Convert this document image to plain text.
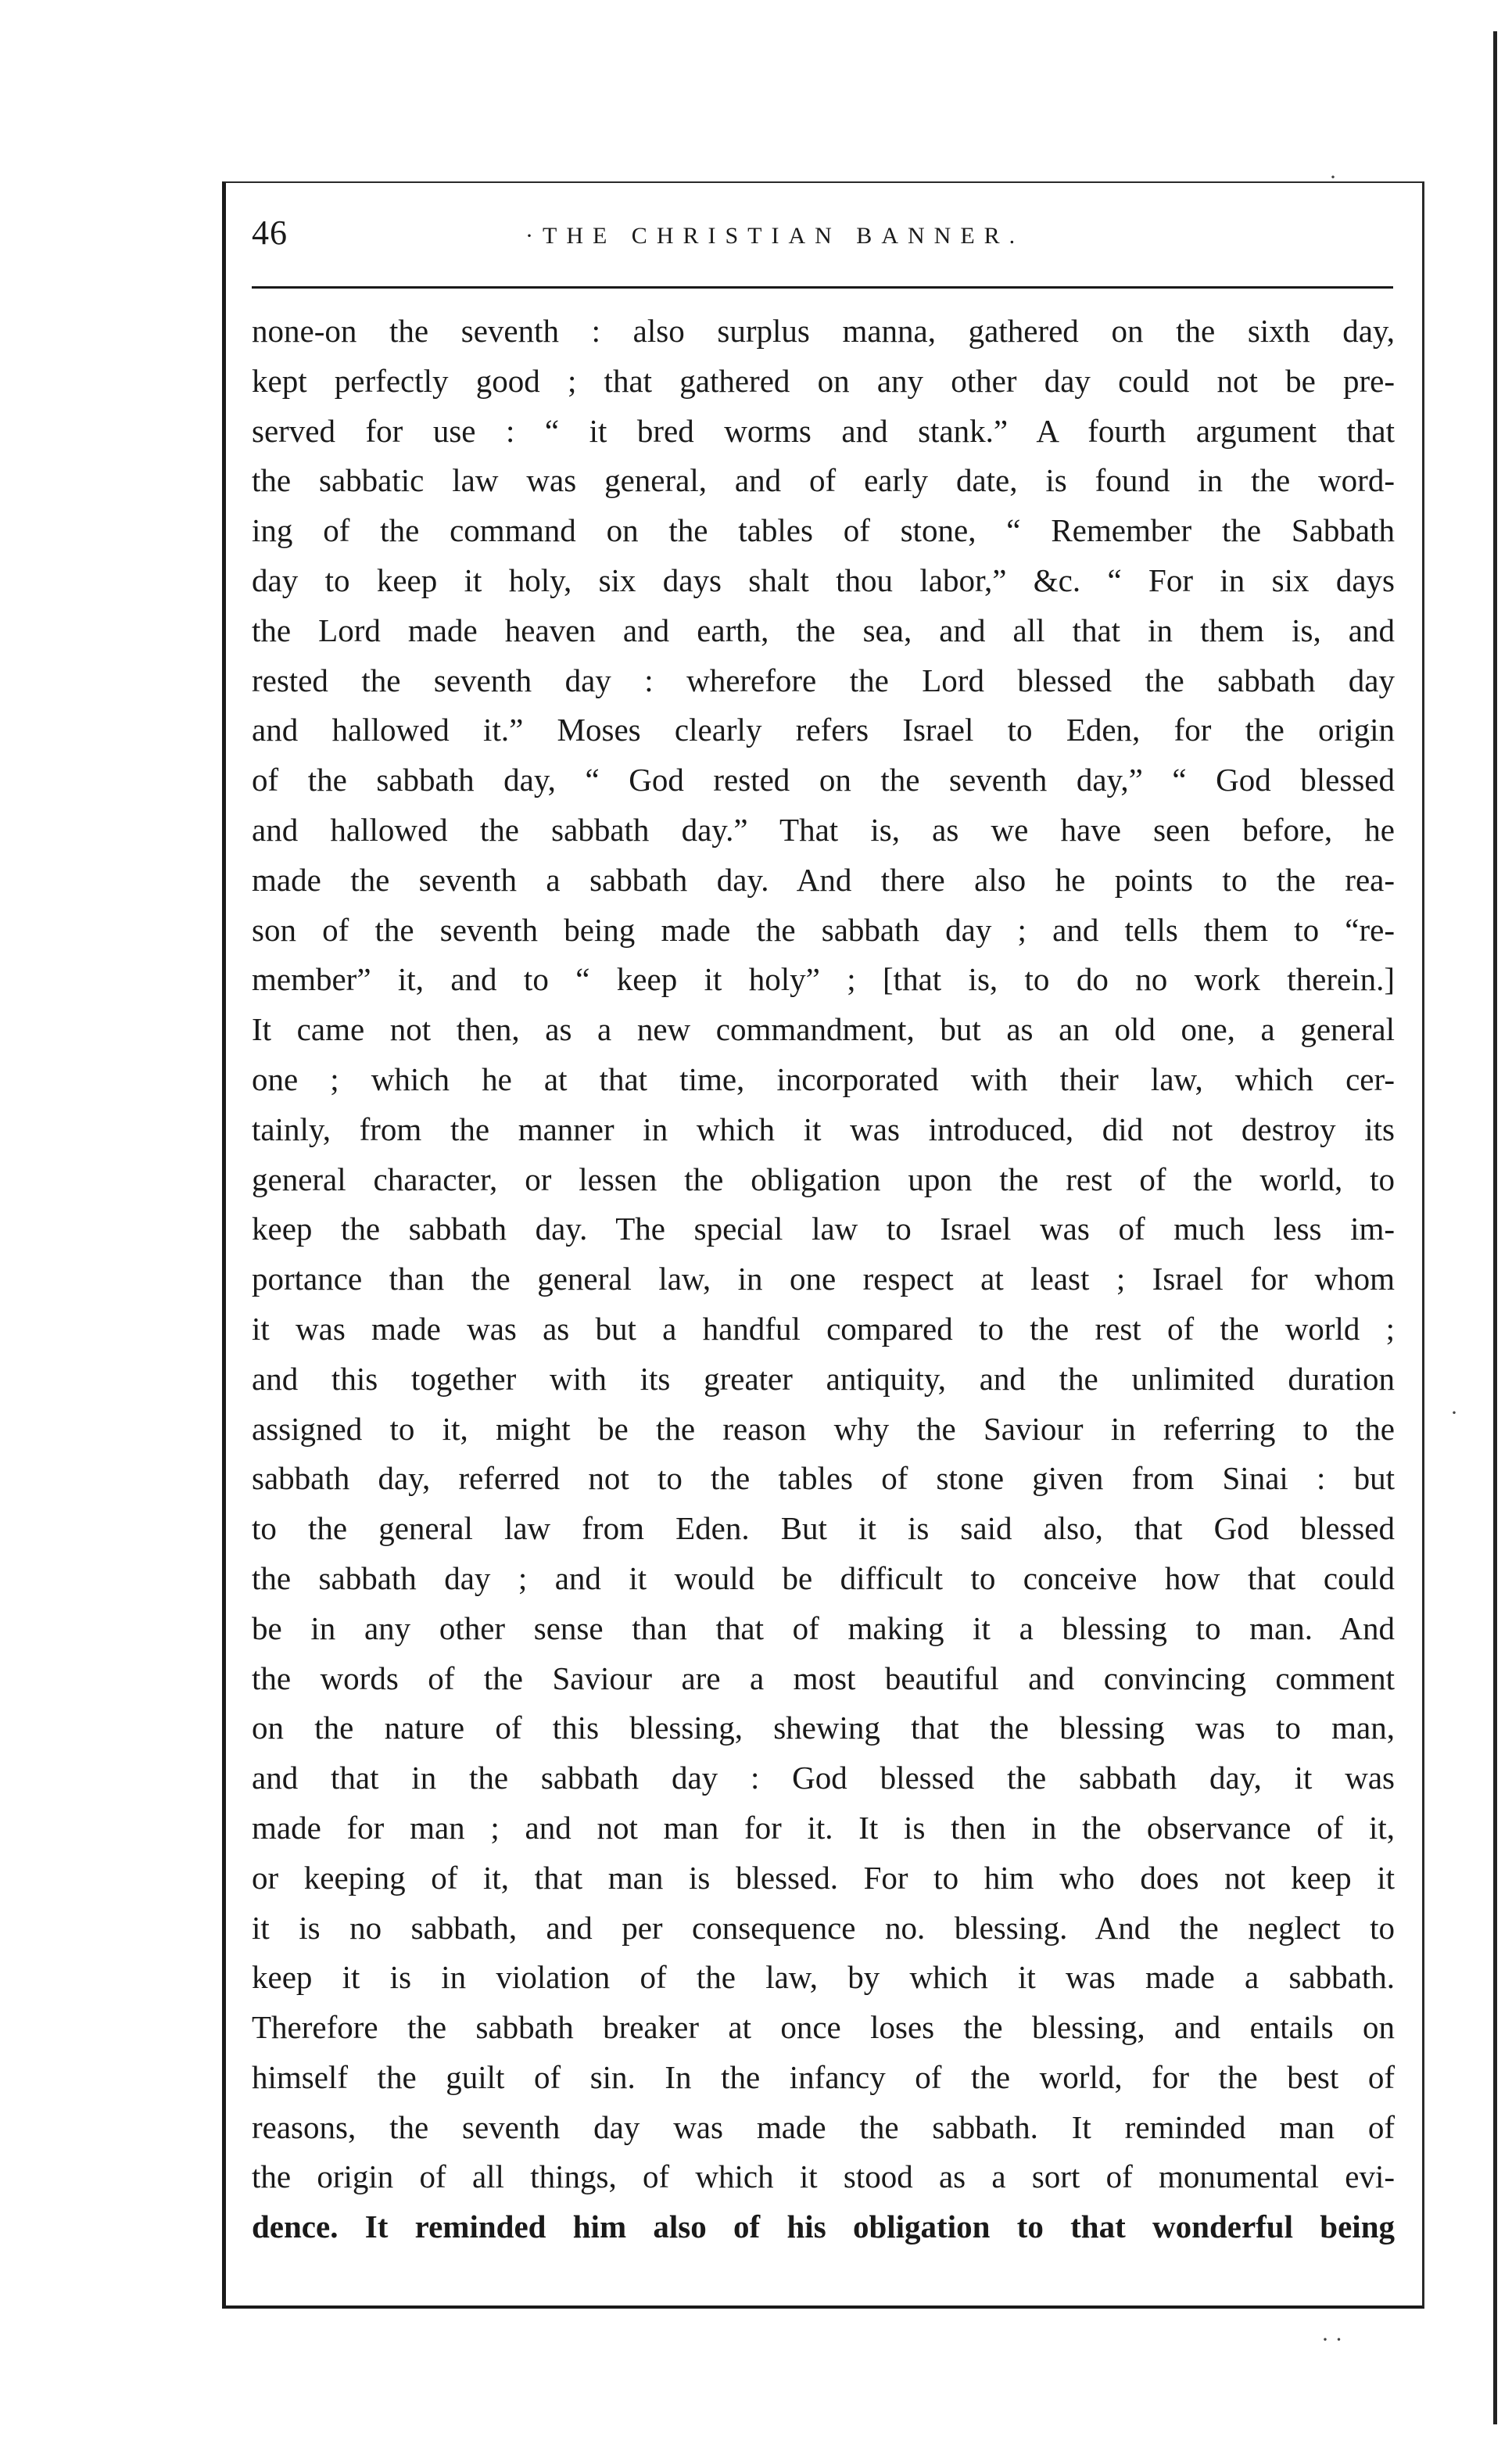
46	·THE CHRISTIAN BANNER.
none-on the seventh : also surplus manna, gathered on the sixth day,
kept perfectly good ; that gathered on any other day could not be pre-
served for use : “ it bred worms and stank.” A fourth argument that
the sabbatic law was general, and of early date, is found in the word-
ing of the command on the tables of stone, “ Remember the Sabbath
day to keep it holy, six days shalt thou labor,” &c. “ For in six days
the Lord made heaven and earth, the sea, and all that in them is, and
rested the seventh day : wherefore the Lord blessed the sabbath day
and hallowed it.” Moses clearly refers Israel to Eden, for the origin
of the sabbath day, “ God rested on the seventh day,” “ God blessed
and hallowed the sabbath day.” That is, as we have seen before, he
made the seventh a sabbath day. And there also he points to the rea-
son of the seventh being made the sabbath day ; and tells them to “re-
member” it, and to “ keep it holy” ; [that is, to do no work therein.]
It came not then, as a new commandment, but as an old one, a general
one ; which he at that time, incorporated with their law, which cer-
tainly, from the manner in which it was introduced, did not destroy its
general character, or lessen the obligation upon the rest of the world, to
keep the sabbath day. The special law to Israel was of much less im-
portance than the general law, in one respect at least ; Israel for whom
it was made was as but a handful compared to the rest of the world ;
and this together with its greater antiquity, and the unlimited duration
assigned to it, might be the reason why the Saviour in referring to the
sabbath day, referred not to the tables of stone given from Sinai : but
to the general law from Eden. But it is said also, that God blessed
the sabbath day ; and it would be difficult to conceive how that could
be in any other sense than that of making it a blessing to man. And
the words of the Saviour are a most beautiful and convincing comment
on the nature of this blessing, shewing that the blessing was to man,
and that in the sabbath day : God blessed the sabbath day, it was
made for man ; and not man for it. It is then in the observance of it,
or keeping of it, that man is blessed. For to him who does not keep it
it is no sabbath, and per consequence no. blessing. And the neglect to
keep it is in violation of the law, by which it was made a sabbath.
Therefore the sabbath breaker at once loses the blessing, and entails on
himself the guilt of sin. In the infancy of the world, for the best of
reasons, the seventh day was made the sabbath. It reminded man of
the origin of all things, of which it stood as a sort of monumental evi-
dence. It reminded him also of his obligation to that wonderful being
·
·
· ·
